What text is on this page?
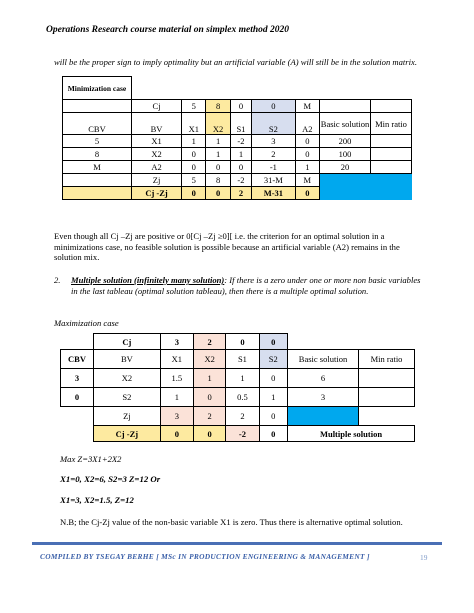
Operations Research course material on simplex method 2020
will be the proper sign to imply optimality but an artificial variable (A) will still be in the solution matrix.
Minimization case								
	Cj	5	8	0	0	M		
CBV	BV	X1	X2	S1	S2	A2	Basic solution	Min ratio
5	X1	1	1	-2	3	0	200	
8	X2	0	1	1	2	0	100	
M	A2	0	0	0	-1	1	20	
	Zj	5	8	-2	31-M	M		
	Cj -Zj	0	0	2	M-31	0		
Even though all Cj –Zj are positive or 0[Cj –Zj ≥0][ i.e. the criterion for an optimal solution in a minimizations case, no feasible solution is possible because an artificial variable (A2) remains in the solution mix.
2. Multiple solution (infinitely many solution): If there is a zero under one or more non basic variables in the last tableau (optimal solution tableau), then there is a multiple optimal solution.
Maximization case
	Cj	3	2	0	0		
CBV	BV	X1	X2	S1	S2	Basic solution	Min ratio
3	X2	1.5	1	1	0	6	
0	S2	1	0	0.5	1	3	
	Zj	3	2	2	0		
	Cj -Zj	0	0	-2	0	Multiple solution	
Max Z=3X1+2X2
X1=0, X2=6, S2=3 Z=12 Or
X1=3, X2=1.5, Z=12
N.B; the Cj-Zj value of the non-basic variable X1 is zero. Thus there is alternative optimal solution.
COMPILED BY TSEGAY BERHE [ MSc IN PRODUCTION ENGINEERING & MANAGEMENT ]	19
